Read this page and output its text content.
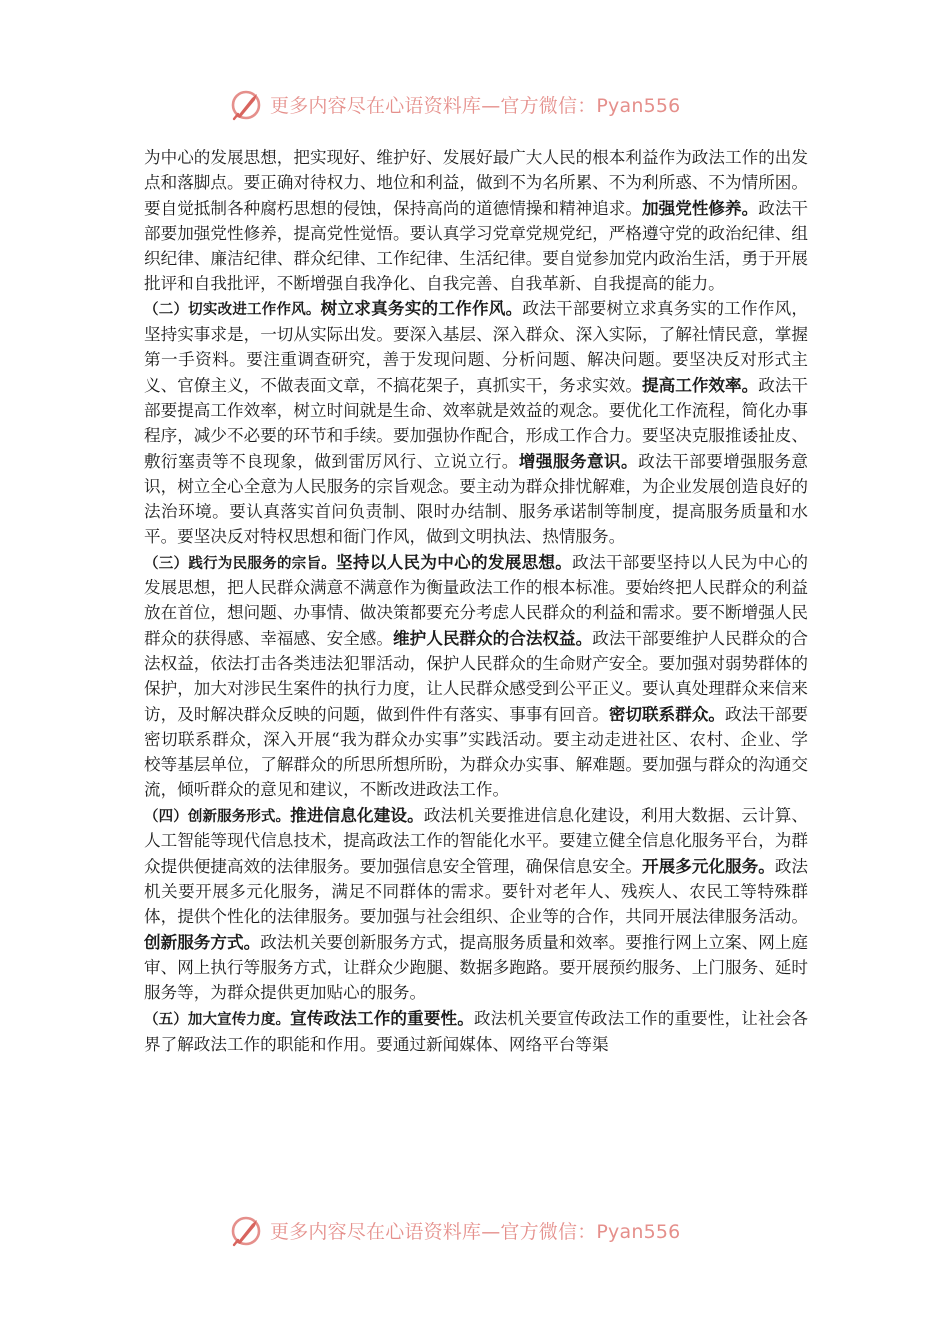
更多内容尽在心语资料库—官方微信：Pyan556

为中心的发展思想，把实现好、维护好、发展好最广大人民的根本利益作为政法工作的出发点和落脚点。要正确对待权力、地位和利益，做到不为名所累、不为利所惑、不为情所困。要自觉抵制各种腐朽思想的侵蚀，保持高尚的道德情操和精神追求。加强党性修养。政法干部要加强党性修养，提高党性觉悟。要认真学习党章党规党纪，严格遵守党的政治纪律、组织纪律、廉洁纪律、群众纪律、工作纪律、生活纪律。要自觉参加党内政治生活，勇于开展批评和自我批评，不断增强自我净化、自我完善、自我革新、自我提高的能力。

（二）切实改进工作作风。树立求真务实的工作作风。政法干部要树立求真务实的工作作风，坚持实事求是，一切从实际出发。要深入基层、深入群众、深入实际，了解社情民意，掌握第一手资料。要注重调查研究，善于发现问题、分析问题、解决问题。要坚决反对形式主义、官僚主义，不做表面文章，不搞花架子，真抓实干，务求实效。提高工作效率。政法干部要提高工作效率，树立时间就是生命、效率就是效益的观念。要优化工作流程，简化办事程序，减少不必要的环节和手续。要加强协作配合，形成工作合力。要坚决克服推诿扯皮、敷衍塞责等不良现象，做到雷厉风行、立说立行。增强服务意识。政法干部要增强服务意识，树立全心全意为人民服务的宗旨观念。要主动为群众排忧解难，为企业发展创造良好的法治环境。要认真落实首问负责制、限时办结制、服务承诺制等制度，提高服务质量和水平。要坚决反对特权思想和衙门作风，做到文明执法、热情服务。

（三）践行为民服务的宗旨。坚持以人民为中心的发展思想。政法干部要坚持以人民为中心的发展思想，把人民群众满意不满意作为衡量政法工作的根本标准。要始终把人民群众的利益放在首位，想问题、办事情、做决策都要充分考虑人民群众的利益和需求。要不断增强人民群众的获得感、幸福感、安全感。维护人民群众的合法权益。政法干部要维护人民群众的合法权益，依法打击各类违法犯罪活动，保护人民群众的生命财产安全。要加强对弱势群体的保护，加大对涉民生案件的执行力度，让人民群众感受到公平正义。要认真处理群众来信来访，及时解决群众反映的问题，做到件件有落实、事事有回音。密切联系群众。政法干部要密切联系群众，深入开展“我为群众办实事”实践活动。要主动走进社区、农村、企业、学校等基层单位，了解群众的所思所想所盼，为群众办实事、解难题。要加强与群众的沟通交流，倾听群众的意见和建议，不断改进政法工作。

（四）创新服务形式。推进信息化建设。政法机关要推进信息化建设，利用大数据、云计算、人工智能等现代信息技术，提高政法工作的智能化水平。要建立健全信息化服务平台，为群众提供便捷高效的法律服务。要加强信息安全管理，确保信息安全。开展多元化服务。政法机关要开展多元化服务，满足不同群体的需求。要针对老年人、残疾人、农民工等特殊群体，提供个性化的法律服务。要加强与社会组织、企业等的合作，共同开展法律服务活动。创新服务方式。政法机关要创新服务方式，提高服务质量和效率。要推行网上立案、网上庭审、网上执行等服务方式，让群众少跑腿、数据多跑路。要开展预约服务、上门服务、延时服务等，为群众提供更加贴心的服务。

（五）加大宣传力度。宣传政法工作的重要性。政法机关要宣传政法工作的重要性，让社会各界了解政法工作的职能和作用。要通过新闻媒体、网络平台等渠

更多内容尽在心语资料库—官方微信：Pyan556
